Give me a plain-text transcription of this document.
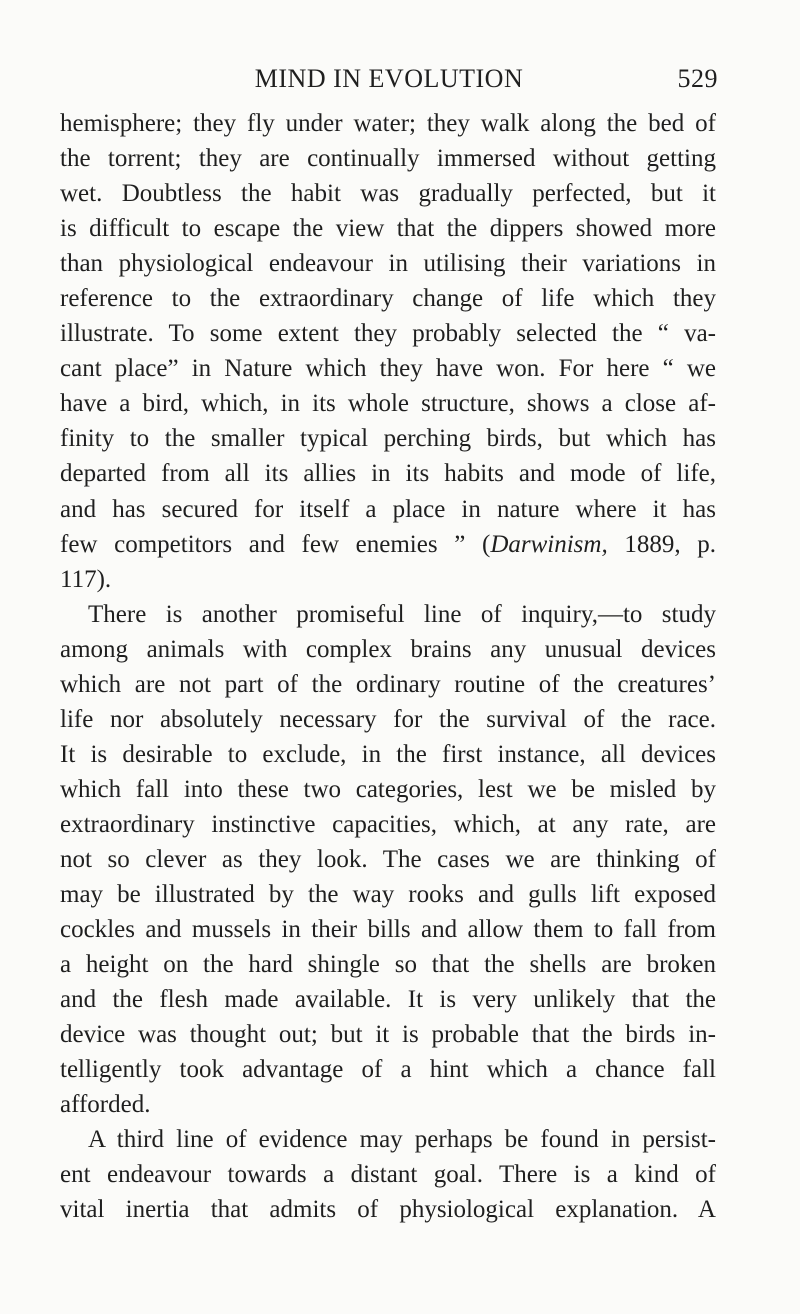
MIND IN EVOLUTION	529
hemisphere; they fly under water; they walk along the bed of
the torrent; they are continually immersed without getting
wet. Doubtless the habit was gradually perfected, but it
is difficult to escape the view that the dippers showed more
than physiological endeavour in utilising their variations in
reference to the extraordinary change of life which they
illustrate. To some extent they probably selected the “ va-
cant place” in Nature which they have won. For here “ we
have a bird, which, in its whole structure, shows a close af-
finity to the smaller typical perching birds, but which has
departed from all its allies in its habits and mode of life,
and has secured for itself a place in nature where it has
few competitors and few enemies ” (Darwinism, 1889, p.
117).
There is another promiseful line of inquiry,—to study
among animals with complex brains any unusual devices
which are not part of the ordinary routine of the creatures’
life nor absolutely necessary for the survival of the race.
It is desirable to exclude, in the first instance, all devices
which fall into these two categories, lest we be misled by
extraordinary instinctive capacities, which, at any rate, are
not so clever as they look. The cases we are thinking of
may be illustrated by the way rooks and gulls lift exposed
cockles and mussels in their bills and allow them to fall from
a height on the hard shingle so that the shells are broken
and the flesh made available. It is very unlikely that the
device was thought out; but it is probable that the birds in-
telligently took advantage of a hint which a chance fall
afforded.
A third line of evidence may perhaps be found in persist-
ent endeavour towards a distant goal. There is a kind of
vital inertia that admits of physiological explanation. A
